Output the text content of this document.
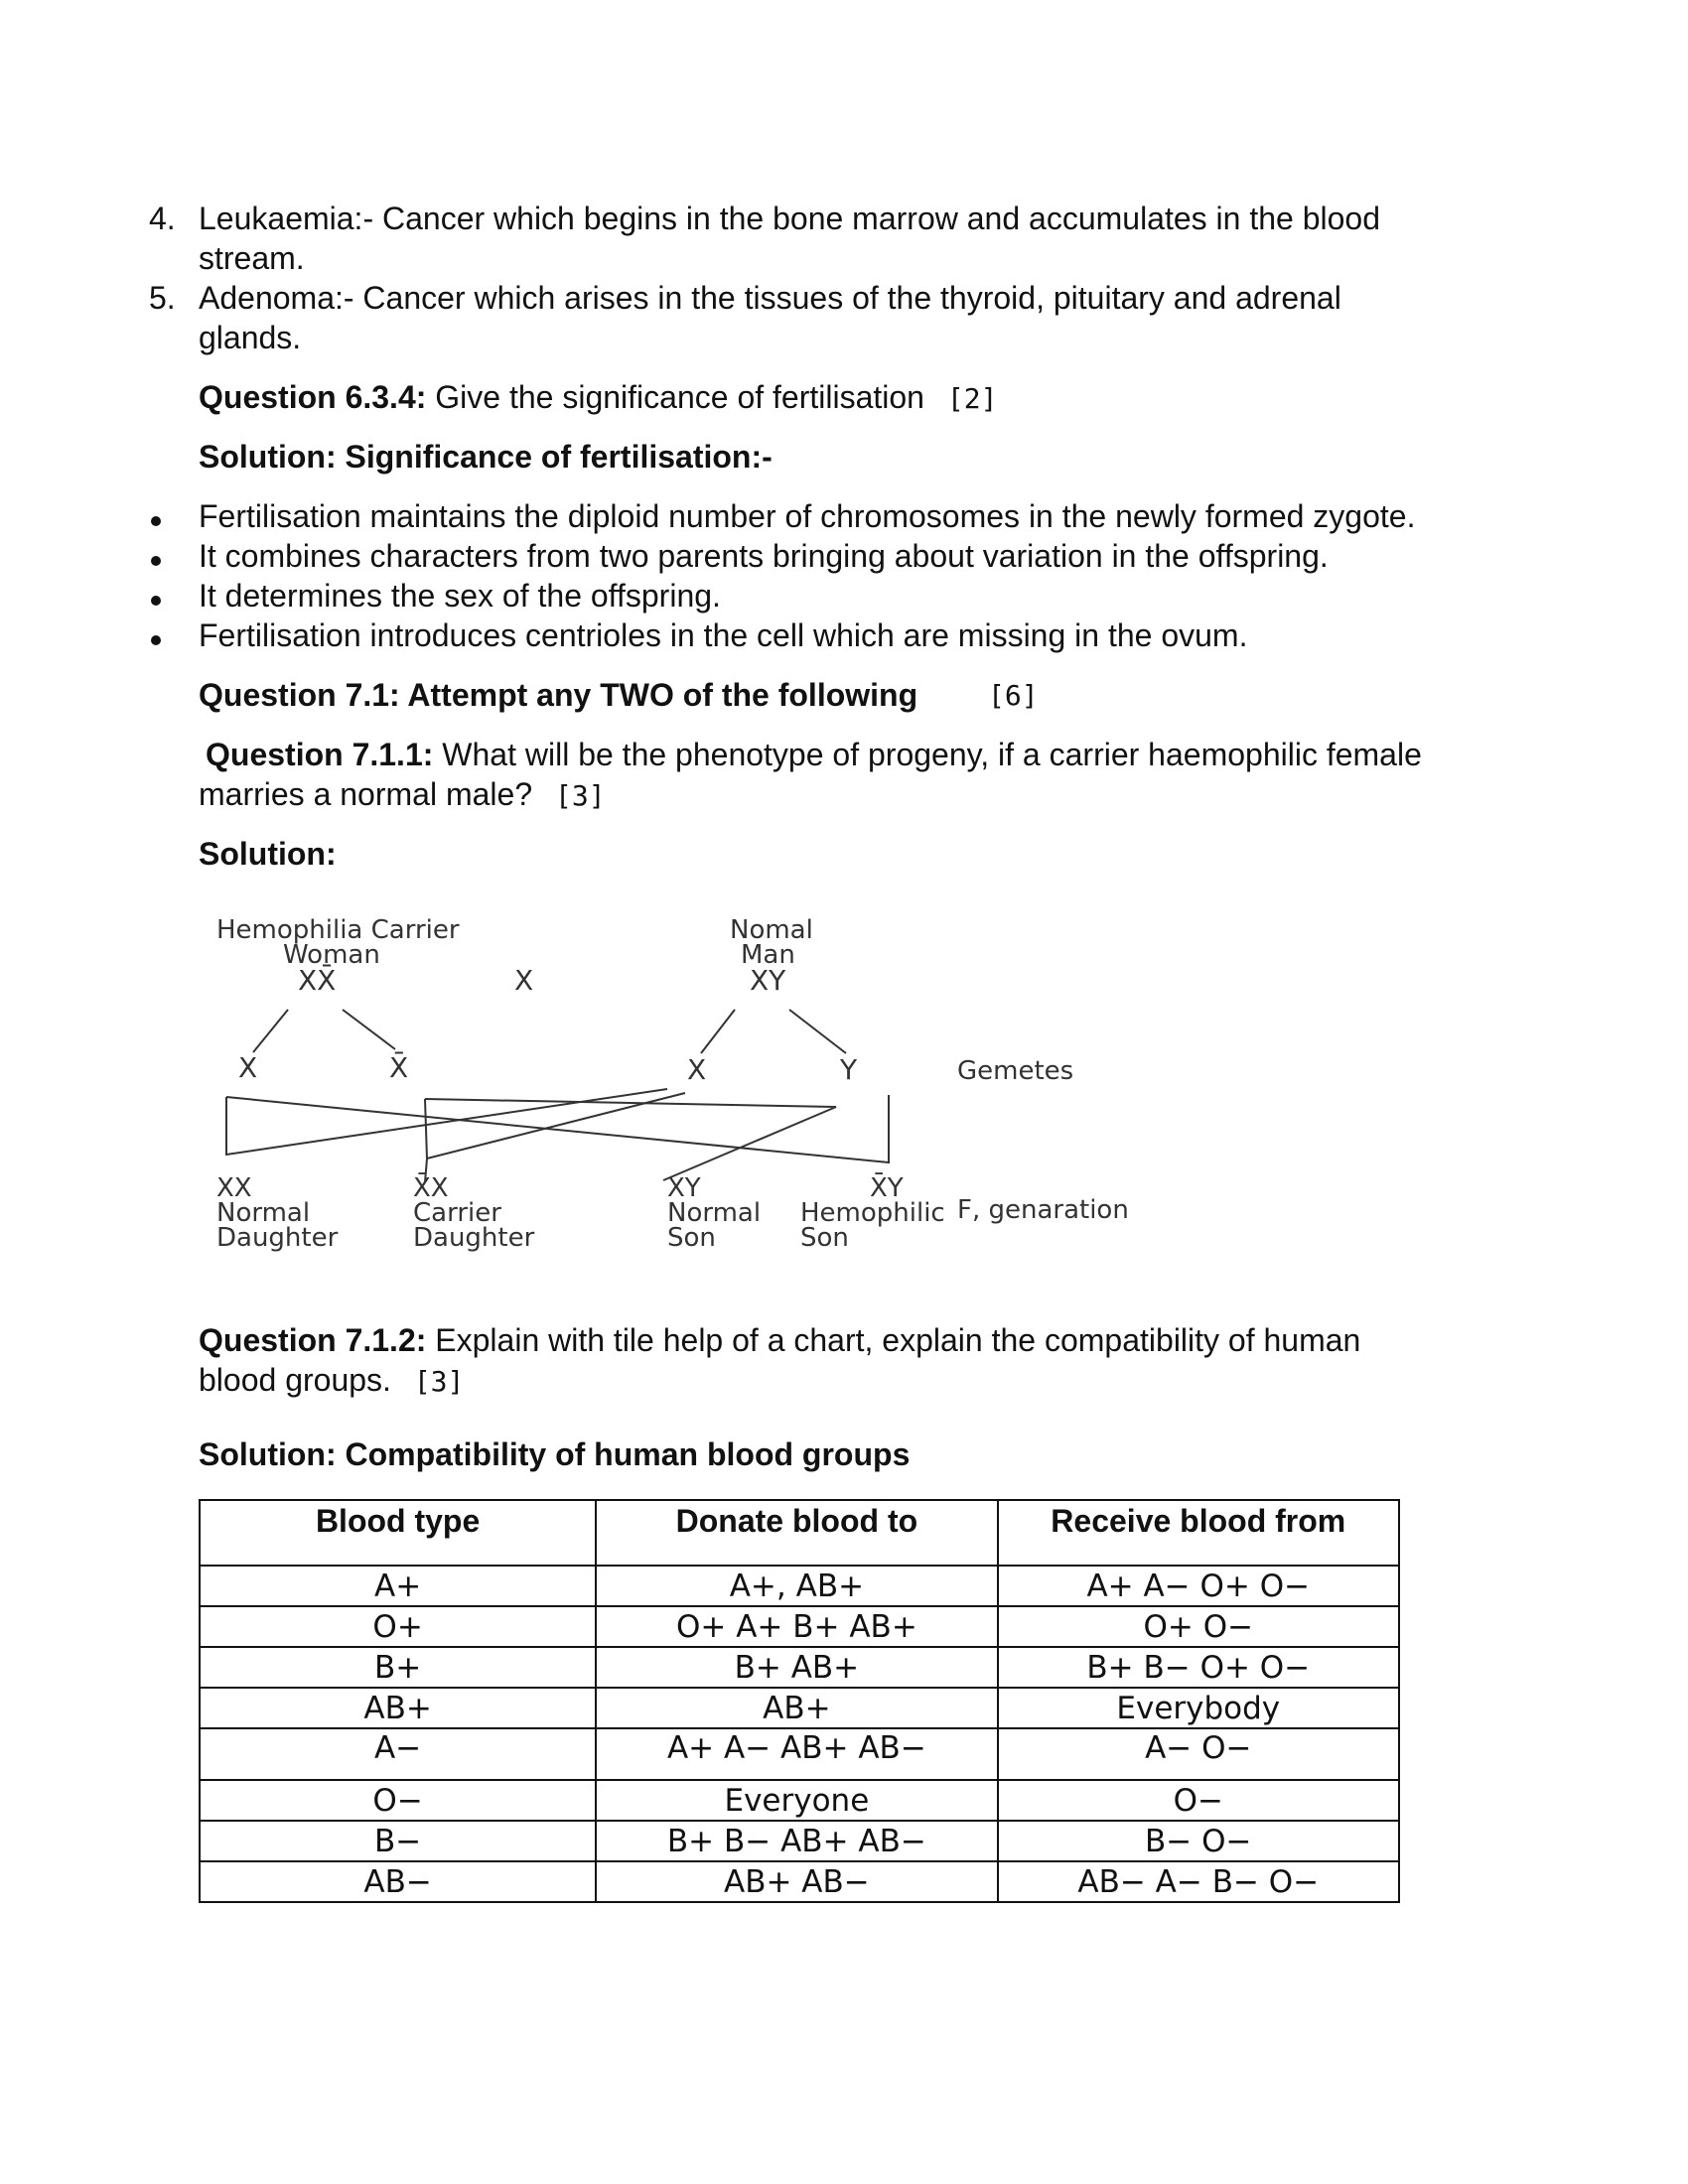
4. Leukaemia:- Cancer which begins in the bone marrow and accumulates in the blood
stream.
5. Adenoma:- Cancer which arises in the tissues of the thyroid, pituitary and adrenal
glands.
Question 6.3.4: Give the significance of fertilisation [2]
Solution: Significance of fertilisation:-
Fertilisation maintains the diploid number of chromosomes in the newly formed zygote.
It combines characters from two parents bringing about variation in the offspring.
It determines the sex of the offspring.
Fertilisation introduces centrioles in the cell which are missing in the ovum.
Question 7.1: Attempt any TWO of the following	[6]
Question 7.1.1: What will be the phenotype of progeny, if a carrier haemophilic female
marries a normal male? [3]
Solution:
Hemophilia Carrier
Woman
XX̄	X
Nomal
Man
XY
X	X̄	X	Y	Gemetes
XX
Normal
Daughter
X̄X
Carrier
Daughter
XY
Normal
Son
X̄Y
Hemophilic
Son
F, genaration
Question 7.1.2: Explain with tile help of a chart, explain the compatibility of human
blood groups. [3]
Solution: Compatibility of human blood groups
Blood type	Donate blood to	Receive blood from
A+	A+, AB+	A+ A− O+ O−
O+	O+ A+ B+ AB+	O+ O−
B+	B+ AB+	B+ B− O+ O−
AB+	AB+	Everybody
A−	A+ A− AB+ AB−	A− O−
O−	Everyone	O−
B−	B+ B− AB+ AB−	B− O−
AB−	AB+ AB−	AB− A− B− O−
